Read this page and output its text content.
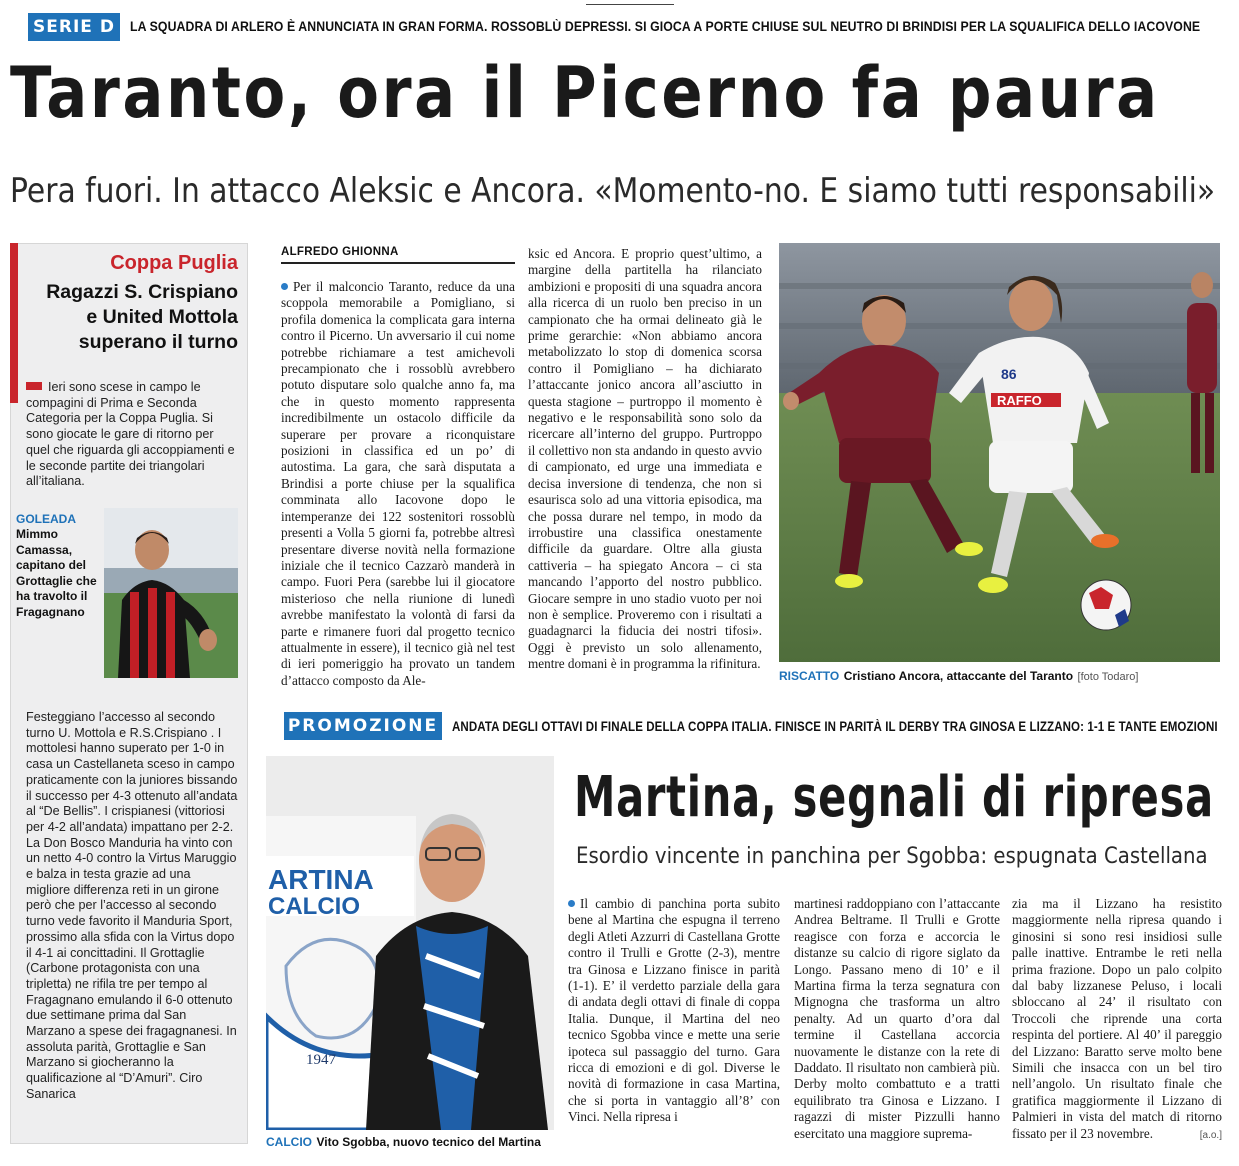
SERIE D	LA SQUADRA DI ARLERO È ANNUNCIATA IN GRAN FORMA. ROSSOBLÙ DEPRESSI. SI GIOCA A PORTE CHIUSE SUL NEUTRO DI BRINDISI PER LA SQUALIFICA DELLO IACOVONE
Taranto, ora il Picerno fa paura
Pera fuori. In attacco Aleksic e Ancora. «Momento-no. E siamo tutti responsabili»
Coppa Puglia
Ragazzi S. Crispiano
e United Mottola
superano il turno
Ieri sono scese in campo le compagini di Prima e Seconda Categoria per la Coppa Puglia. Si sono giocate le gare di ritorno per quel che riguarda gli accoppiamenti e le seconde partite dei triangolari all’italiana.
GOLEADA
Mimmo Camassa, capitano del Grottaglie che ha travolto il Fragagnano
Festeggiano l’accesso al secondo turno U. Mottola e R.S.Crispiano . I mottolesi hanno superato per 1-0 in casa un Castellaneta sceso in campo praticamente con la juniores bissando il successo per 4-3 ottenuto all’andata al “De Bellis”. I crispianesi (vittoriosi per 4-2 all’andata) impattano per 2-2. La Don Bosco Manduria ha vinto con un netto 4-0 contro la Virtus Maruggio e balza in testa grazie ad una migliore differenza reti in un girone però che per l’accesso al secondo turno vede favorito il Manduria Sport, prossimo alla sfida con la Virtus dopo il 4-1 ai concittadini. Il Grottaglie (Carbone protagonista con una tripletta) ne rifila tre per tempo al Fragagnano emulando il 6-0 ottenuto due settimane prima dal San Marzano a spese dei fragagnanesi. In assoluta parità, Grottaglie e San Marzano si giocheranno la qualificazione al “D’Amuri”. Ciro Sanarica
ALFREDO GHIONNA
Per il malconcio Taranto, reduce da una scoppola memorabile a Pomigliano, si profila domenica la complicata gara interna contro il Picerno. Un avversario il cui nome potrebbe richiamare a test amichevoli precampionato che i rossoblù avrebbero potuto disputare solo qualche anno fa, ma che in questo momento rappresenta incredibilmente un ostacolo difficile da superare per provare a riconquistare posizioni in classifica ed un po’ di autostima. La gara, che sarà disputata a Brindisi a porte chiuse per la squalifica comminata allo Iacovone dopo le intemperanze dei 122 sostenitori rossoblù presenti a Volla 5 giorni fa, potrebbe altresì presentare diverse novità nella formazione iniziale che il tecnico Cazzarò manderà in campo. Fuori Pera (sarebbe lui il giocatore misterioso che nella riunione di lunedì avrebbe manifestato la volontà di farsi da parte e rimanere fuori dal progetto tecnico attualmente in essere), il tecnico già nel test di ieri pomeriggio ha provato un tandem d’attacco composto da Ale-
ksic ed Ancora. E proprio quest’ultimo, a margine della partitella ha rilanciato ambizioni e propositi di una squadra ancora alla ricerca di un ruolo ben preciso in un campionato che ha ormai delineato già le prime gerarchie: «Non abbiamo ancora metabolizzato lo stop di domenica scorsa contro il Pomigliano – ha dichiarato l’attaccante jonico ancora all’asciutto in questa stagione – purtroppo il momento è negativo e le responsabilità sono solo da ricercare all’interno del gruppo. Purtroppo il collettivo non sta andando in questo avvio di campionato, ed urge una immediata e decisa inversione di tendenza, che non si esaurisca solo ad una vittoria episodica, ma che possa durare nel tempo, in modo da irrobustire una classifica onestamente difficile da guardare. Oltre alla giusta cattiveria – ha spiegato Ancora – ci sta mancando l’apporto del nostro pubblico. Giocare sempre in uno stadio vuoto per noi non è semplice. Proveremo con i risultati a guadagnarci la fiducia dei nostri tifosi». Oggi è previsto un solo allenamento, mentre domani è in programma la rifinitura.
RAFFO
86
RISCATTO Cristiano Ancora, attaccante del Taranto [foto Todaro]
PROMOZIONE ANDATA DEGLI OTTAVI DI FINALE DELLA COPPA ITALIA. FINISCE IN PARITÀ IL DERBY TRA GINOSA E LIZZANO: 1-1 E TANTE EMOZIONI
ARTINA
CALCIO
1947
CALCIO Vito Sgobba, nuovo tecnico del Martina
Martina, segnali di ripresa
Esordio vincente in panchina per Sgobba: espugnata Castellana
Il cambio di panchina porta subito bene al Martina che espugna il terreno degli Atleti Azzurri di Castellana Grotte contro il Trulli e Grotte (2-3), mentre tra Ginosa e Lizzano finisce in parità (1-1). E’ il verdetto parziale della gara di andata degli ottavi di finale di coppa Italia. Dunque, il Martina del neo tecnico Sgobba vince e mette una serie ipoteca sul passaggio del turno. Gara ricca di emozioni e di gol. Diverse le novità di formazione in casa Martina, che si porta in vantaggio all’8’ con Vinci. Nella ripresa i
martinesi raddoppiano con l’attaccante Andrea Beltrame. Il Trulli e Grotte reagisce con forza e accorcia le distanze su calcio di rigore siglato da Longo. Passano meno di 10’ e il Martina firma la terza segnatura con Mignogna che trasforma un altro penalty. Ad un quarto d’ora dal termine il Castellana accorcia nuovamente le distanze con la rete di Daddato. Il risultato non cambierà più. Derby molto combattuto e a tratti equilibrato tra Ginosa e Lizzano. I ragazzi di mister Pizzulli hanno esercitato una maggiore suprema-
zia ma il Lizzano ha resistito maggiormente nella ripresa quando i ginosini si sono resi insidiosi sulle palle inattive. Entrambe le reti nella prima frazione. Dopo un palo colpito dal baby lizzanese Peluso, i locali sbloccano al 24’ il risultato con Troccoli che riprende una corta respinta del portiere. Al 40’ il pareggio del Lizzano: Baratto serve molto bene Simili che insacca con un bel tiro nell’angolo. Un risultato finale che gratifica maggiormente il Lizzano di Palmieri in vista del match di ritorno fissato per il 23 novembre.	[a.o.]
